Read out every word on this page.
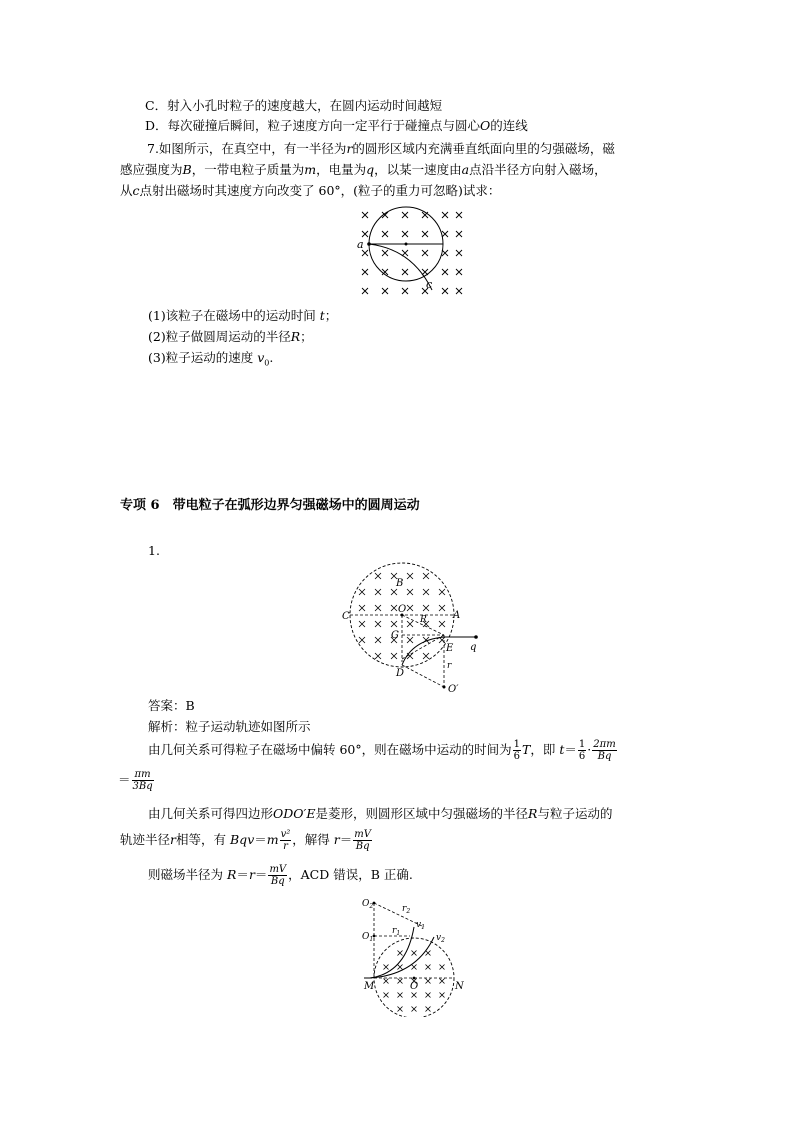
C．射入小孔时粒子的速度越大，在圆内运动时间越短
D．每次碰撞后瞬间，粒子速度方向一定平行于碰撞点与圆心O的连线
7.如图所示，在真空中，有一半径为r的圆形区域内充满垂直纸面向里的匀强磁场，磁
感应强度为B，一带电粒子质量为m，电量为q，以某一速度由a点沿半径方向射入磁场，
从c点射出磁场时其速度方向改变了 60°，(粒子的重力可忽略)试求：
a
c
(1)该粒子在磁场中的运动时间 t；
(2)粒子做圆周运动的半径R；
(3)粒子运动的速度 $v_0$.
专项 6　带电粒子在弧形边界匀强磁场中的圆周运动
1.
B
C
O
A
R
G
E q
r
D
O′
答案：B
解析：粒子运动轨迹如图所示
由几何关系可得粒子在磁场中偏转 60°，则在磁场中运动的时间为 $\frac{1}{6}$ T，即 $t= \frac{1}{6} \cdot \frac{2\pi m}{Bq}$
＝ $\frac{\pi m}{3Bq}$
由几何关系可得四边形ODO′E是菱形，则圆形区域中匀强磁场的半径R与粒子运动的
轨迹半径r相等，有 $Bqv=m \frac{\text{v²}}{r}$ ，解得 $r= \frac{mV}{Bq}$
则磁场半径为 $R=r= \frac{mV}{Bq}$ ，ACD 错误，B 正确.
$O_2$
$O_1$
$r_2$
$r_1$
$v_1$
$v_2$
M	O	N
